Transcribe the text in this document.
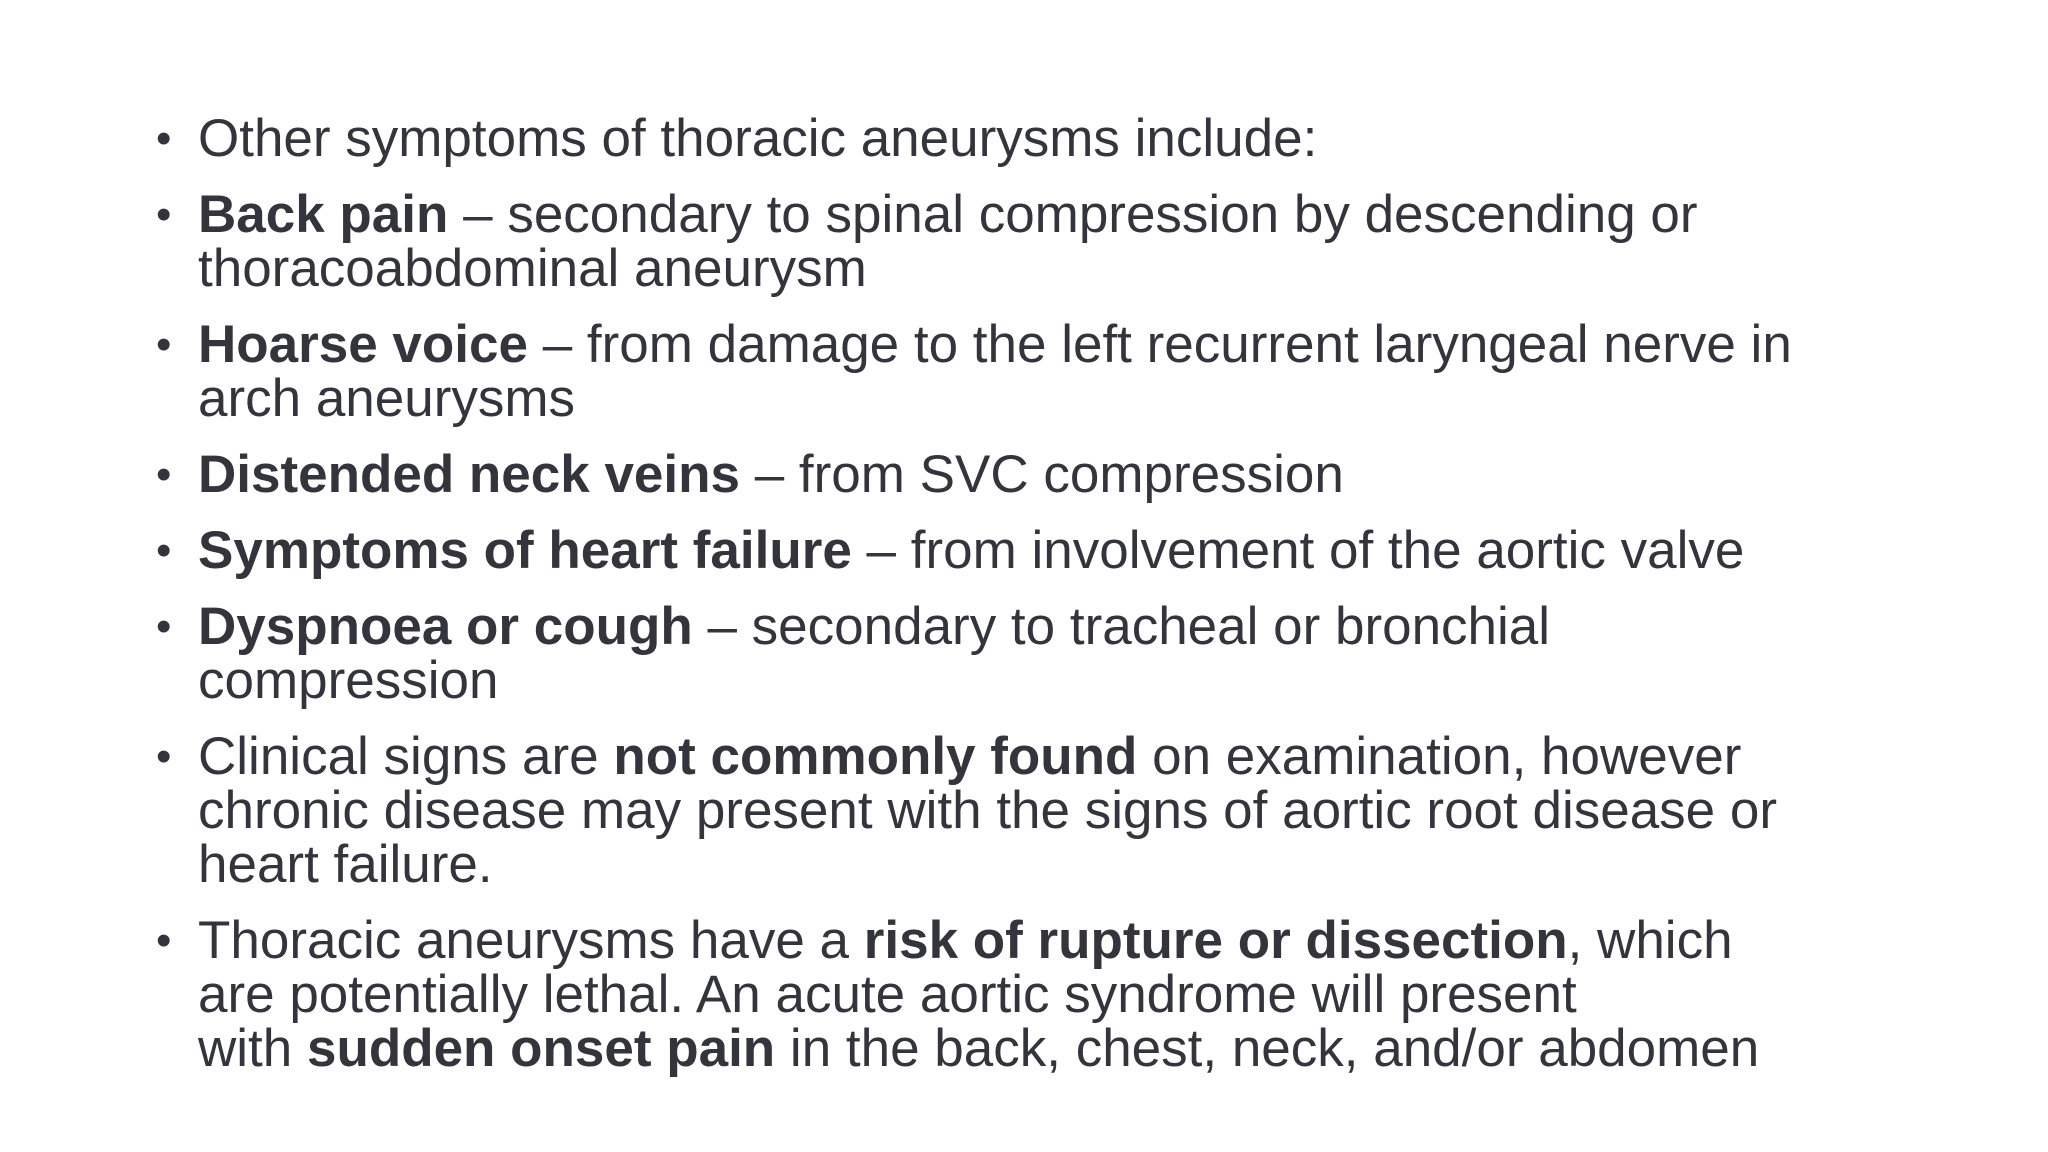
• Other symptoms of thoracic aneurysms include:
• Back pain – secondary to spinal compression by descending or
thoracoabdominal aneurysm
• Hoarse voice – from damage to the left recurrent laryngeal nerve in
arch aneurysms
• Distended neck veins – from SVC compression
• Symptoms of heart failure – from involvement of the aortic valve
• Dyspnoea or cough – secondary to tracheal or bronchial
compression
• Clinical signs are not commonly found on examination, however
chronic disease may present with the signs of aortic root disease or
heart failure.
• Thoracic aneurysms have a risk of rupture or dissection, which
are potentially lethal. An acute aortic syndrome will present
with sudden onset pain in the back, chest, neck, and/or abdomen
